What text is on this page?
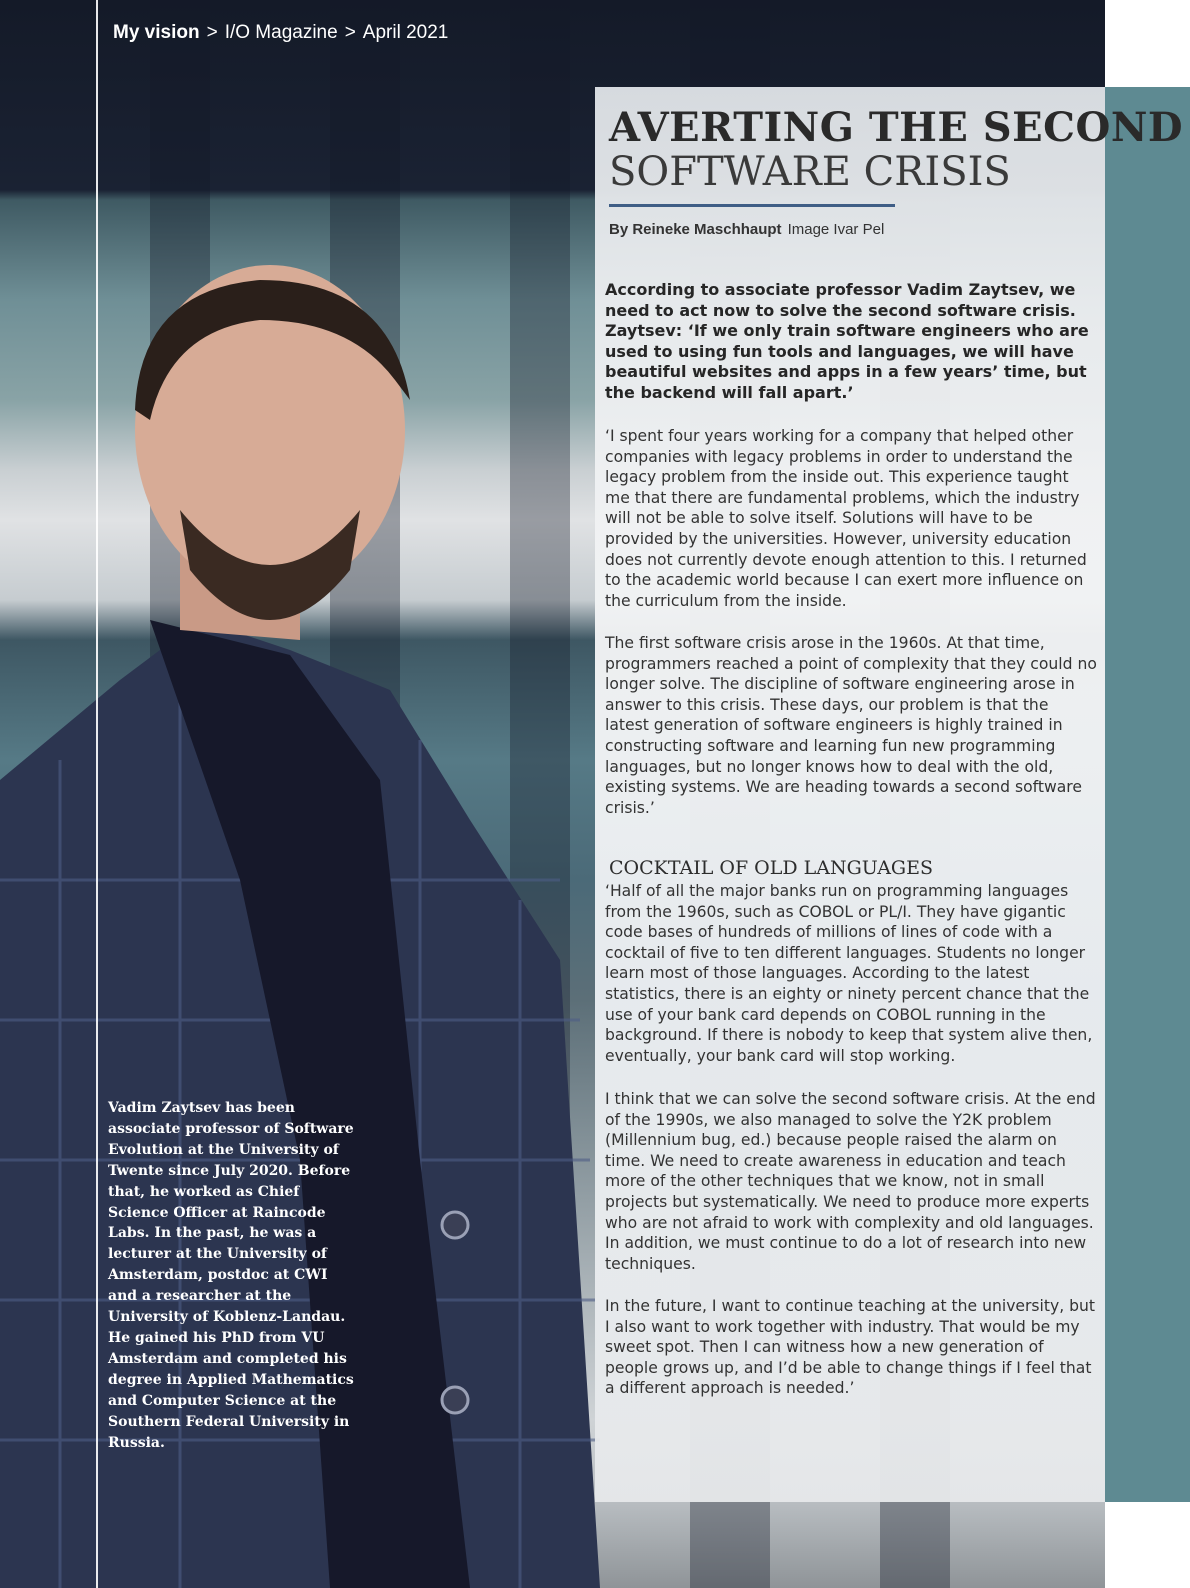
My vision > I/O Magazine > April 2021
AVERTING THE SECOND
SOFTWARE CRISIS
By Reineke Maschhaupt Image Ivar Pel

According to associate professor Vadim Zaytsev, we need to act now to solve the second software crisis. Zaytsev: ‘If we only train software engineers who are used to using fun tools and languages, we will have beautiful websites and apps in a few years’ time, but the backend will fall apart.’

‘I spent four years working for a company that helped other companies with legacy problems in order to understand the legacy problem from the inside out. This experience taught me that there are fundamental problems, which the industry will not be able to solve itself. Solutions will have to be provided by the universities. However, university education does not currently devote enough attention to this. I returned to the academic world because I can exert more influence on the curriculum from the inside.

The first software crisis arose in the 1960s. At that time, programmers reached a point of complexity that they could no longer solve. The discipline of software engineering arose in answer to this crisis. These days, our problem is that the latest generation of software engineers is highly trained in constructing software and learning fun new programming languages, but no longer knows how to deal with the old, existing systems. We are heading towards a second software crisis.’

COCKTAIL OF OLD LANGUAGES

‘Half of all the major banks run on programming languages from the 1960s, such as COBOL or PL/I. They have gigantic code bases of hundreds of millions of lines of code with a cocktail of five to ten different languages. Students no longer learn most of those languages. According to the latest statistics, there is an eighty or ninety percent chance that the use of your bank card depends on COBOL running in the background. If there is nobody to keep that system alive then, eventually, your bank card will stop working.

I think that we can solve the second software crisis. At the end of the 1990s, we also managed to solve the Y2K problem (Millennium bug, ed.) because people raised the alarm on time. We need to create awareness in education and teach more of the other techniques that we know, not in small projects but systematically. We need to produce more experts who are not afraid to work with complexity and old languages. In addition, we must continue to do a lot of research into new techniques.

In the future, I want to continue teaching at the university, but I also want to work together with industry. That would be my sweet spot. Then I can witness how a new generation of people grows up, and I’d be able to change things if I feel that a different approach is needed.’

Vadim Zaytsev has been associate professor of Software Evolution at the University of Twente since July 2020. Before that, he worked as Chief Science Officer at Raincode Labs. In the past, he was a lecturer at the University of Amsterdam, postdoc at CWI and a researcher at the University of Koblenz-Landau. He gained his PhD from VU Amsterdam and completed his degree in Applied Mathematics and Computer Science at the Southern Federal University in Russia.
